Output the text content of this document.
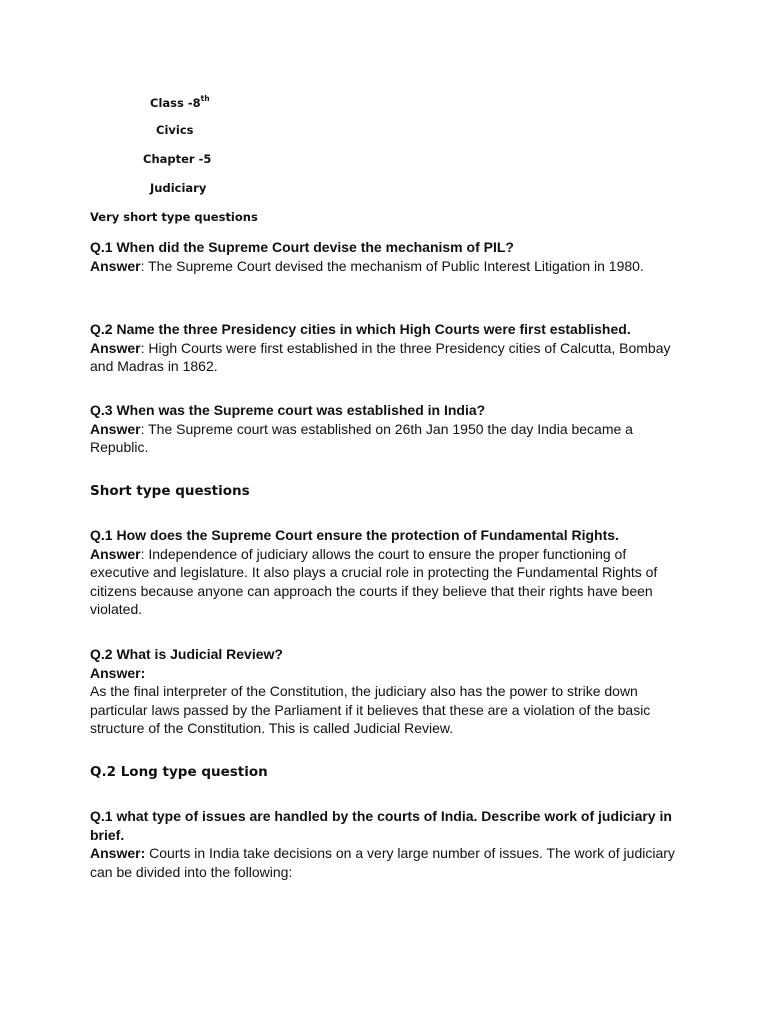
Class -8th
Civics
Chapter -5
Judiciary
Very short type questions
Q.1 When did the Supreme Court devise the mechanism of PIL?
Answer: The Supreme Court devised the mechanism of Public Interest Litigation in 1980.
Q.2 Name the three Presidency cities in which High Courts were first established.
Answer: High Courts were first established in the three Presidency cities of Calcutta, Bombay and Madras in 1862.
Q.3 When was the Supreme court was established in India?
Answer: The Supreme court was established on 26th Jan 1950 the day India became a Republic.
Short type questions
Q.1 How does the Supreme Court ensure the protection of Fundamental Rights.
Answer: Independence of judiciary allows the court to ensure the proper functioning of executive and legislature. It also plays a crucial role in protecting the Fundamental Rights of citizens because anyone can approach the courts if they believe that their rights have been violated.
Q.2 What is Judicial Review?
Answer:
As the final interpreter of the Constitution, the judiciary also has the power to strike down particular laws passed by the Parliament if it believes that these are a violation of the basic structure of the Constitution. This is called Judicial Review.
Q.2 Long type question
Q.1 what type of issues are handled by the courts of India. Describe work of judiciary in brief.
Answer: Courts in India take decisions on a very large number of issues. The work of judiciary can be divided into the following:
